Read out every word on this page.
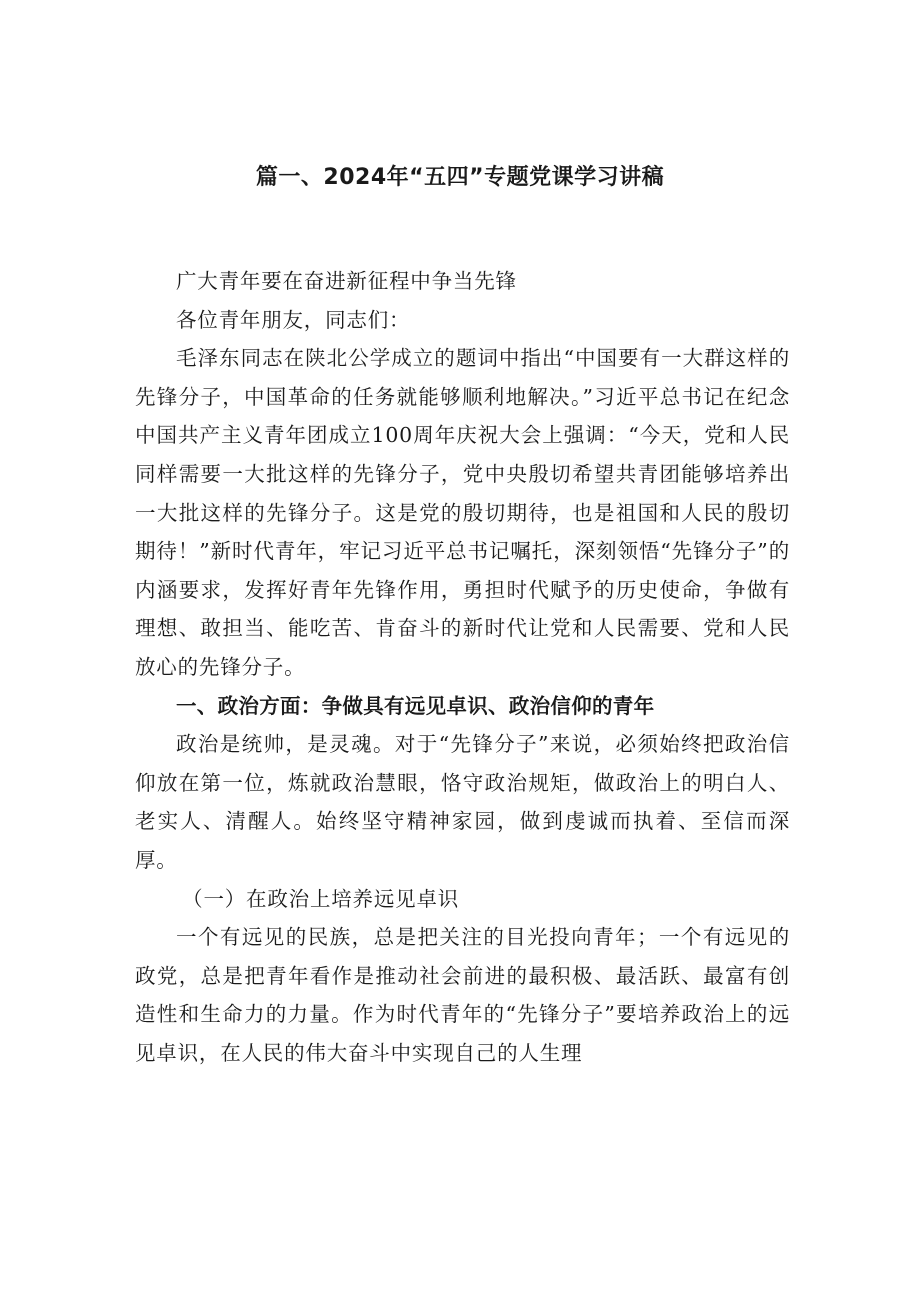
篇一、2024年“五四”专题党课学习讲稿

广大青年要在奋进新征程中争当先锋

各位青年朋友，同志们：

毛泽东同志在陕北公学成立的题词中指出“中国要有一大群这样的先锋分子，中国革命的任务就能够顺利地解决。”习近平总书记在纪念中国共产主义青年团成立100周年庆祝大会上强调：“今天，党和人民同样需要一大批这样的先锋分子，党中央殷切希望共青团能够培养出一大批这样的先锋分子。这是党的殷切期待，也是祖国和人民的殷切期待！”新时代青年，牢记习近平总书记嘱托，深刻领悟“先锋分子”的内涵要求，发挥好青年先锋作用，勇担时代赋予的历史使命，争做有理想、敢担当、能吃苦、肯奋斗的新时代让党和人民需要、党和人民放心的先锋分子。

一、政治方面：争做具有远见卓识、政治信仰的青年

政治是统帅，是灵魂。对于“先锋分子”来说，必须始终把政治信仰放在第一位，炼就政治慧眼，恪守政治规矩，做政治上的明白人、老实人、清醒人。始终坚守精神家园，做到虔诚而执着、至信而深厚。

（一）在政治上培养远见卓识

一个有远见的民族，总是把关注的目光投向青年；一个有远见的政党，总是把青年看作是推动社会前进的最积极、最活跃、最富有创造性和生命力的力量。作为时代青年的“先锋分子”要培养政治上的远见卓识，在人民的伟大奋斗中实现自己的人生理
